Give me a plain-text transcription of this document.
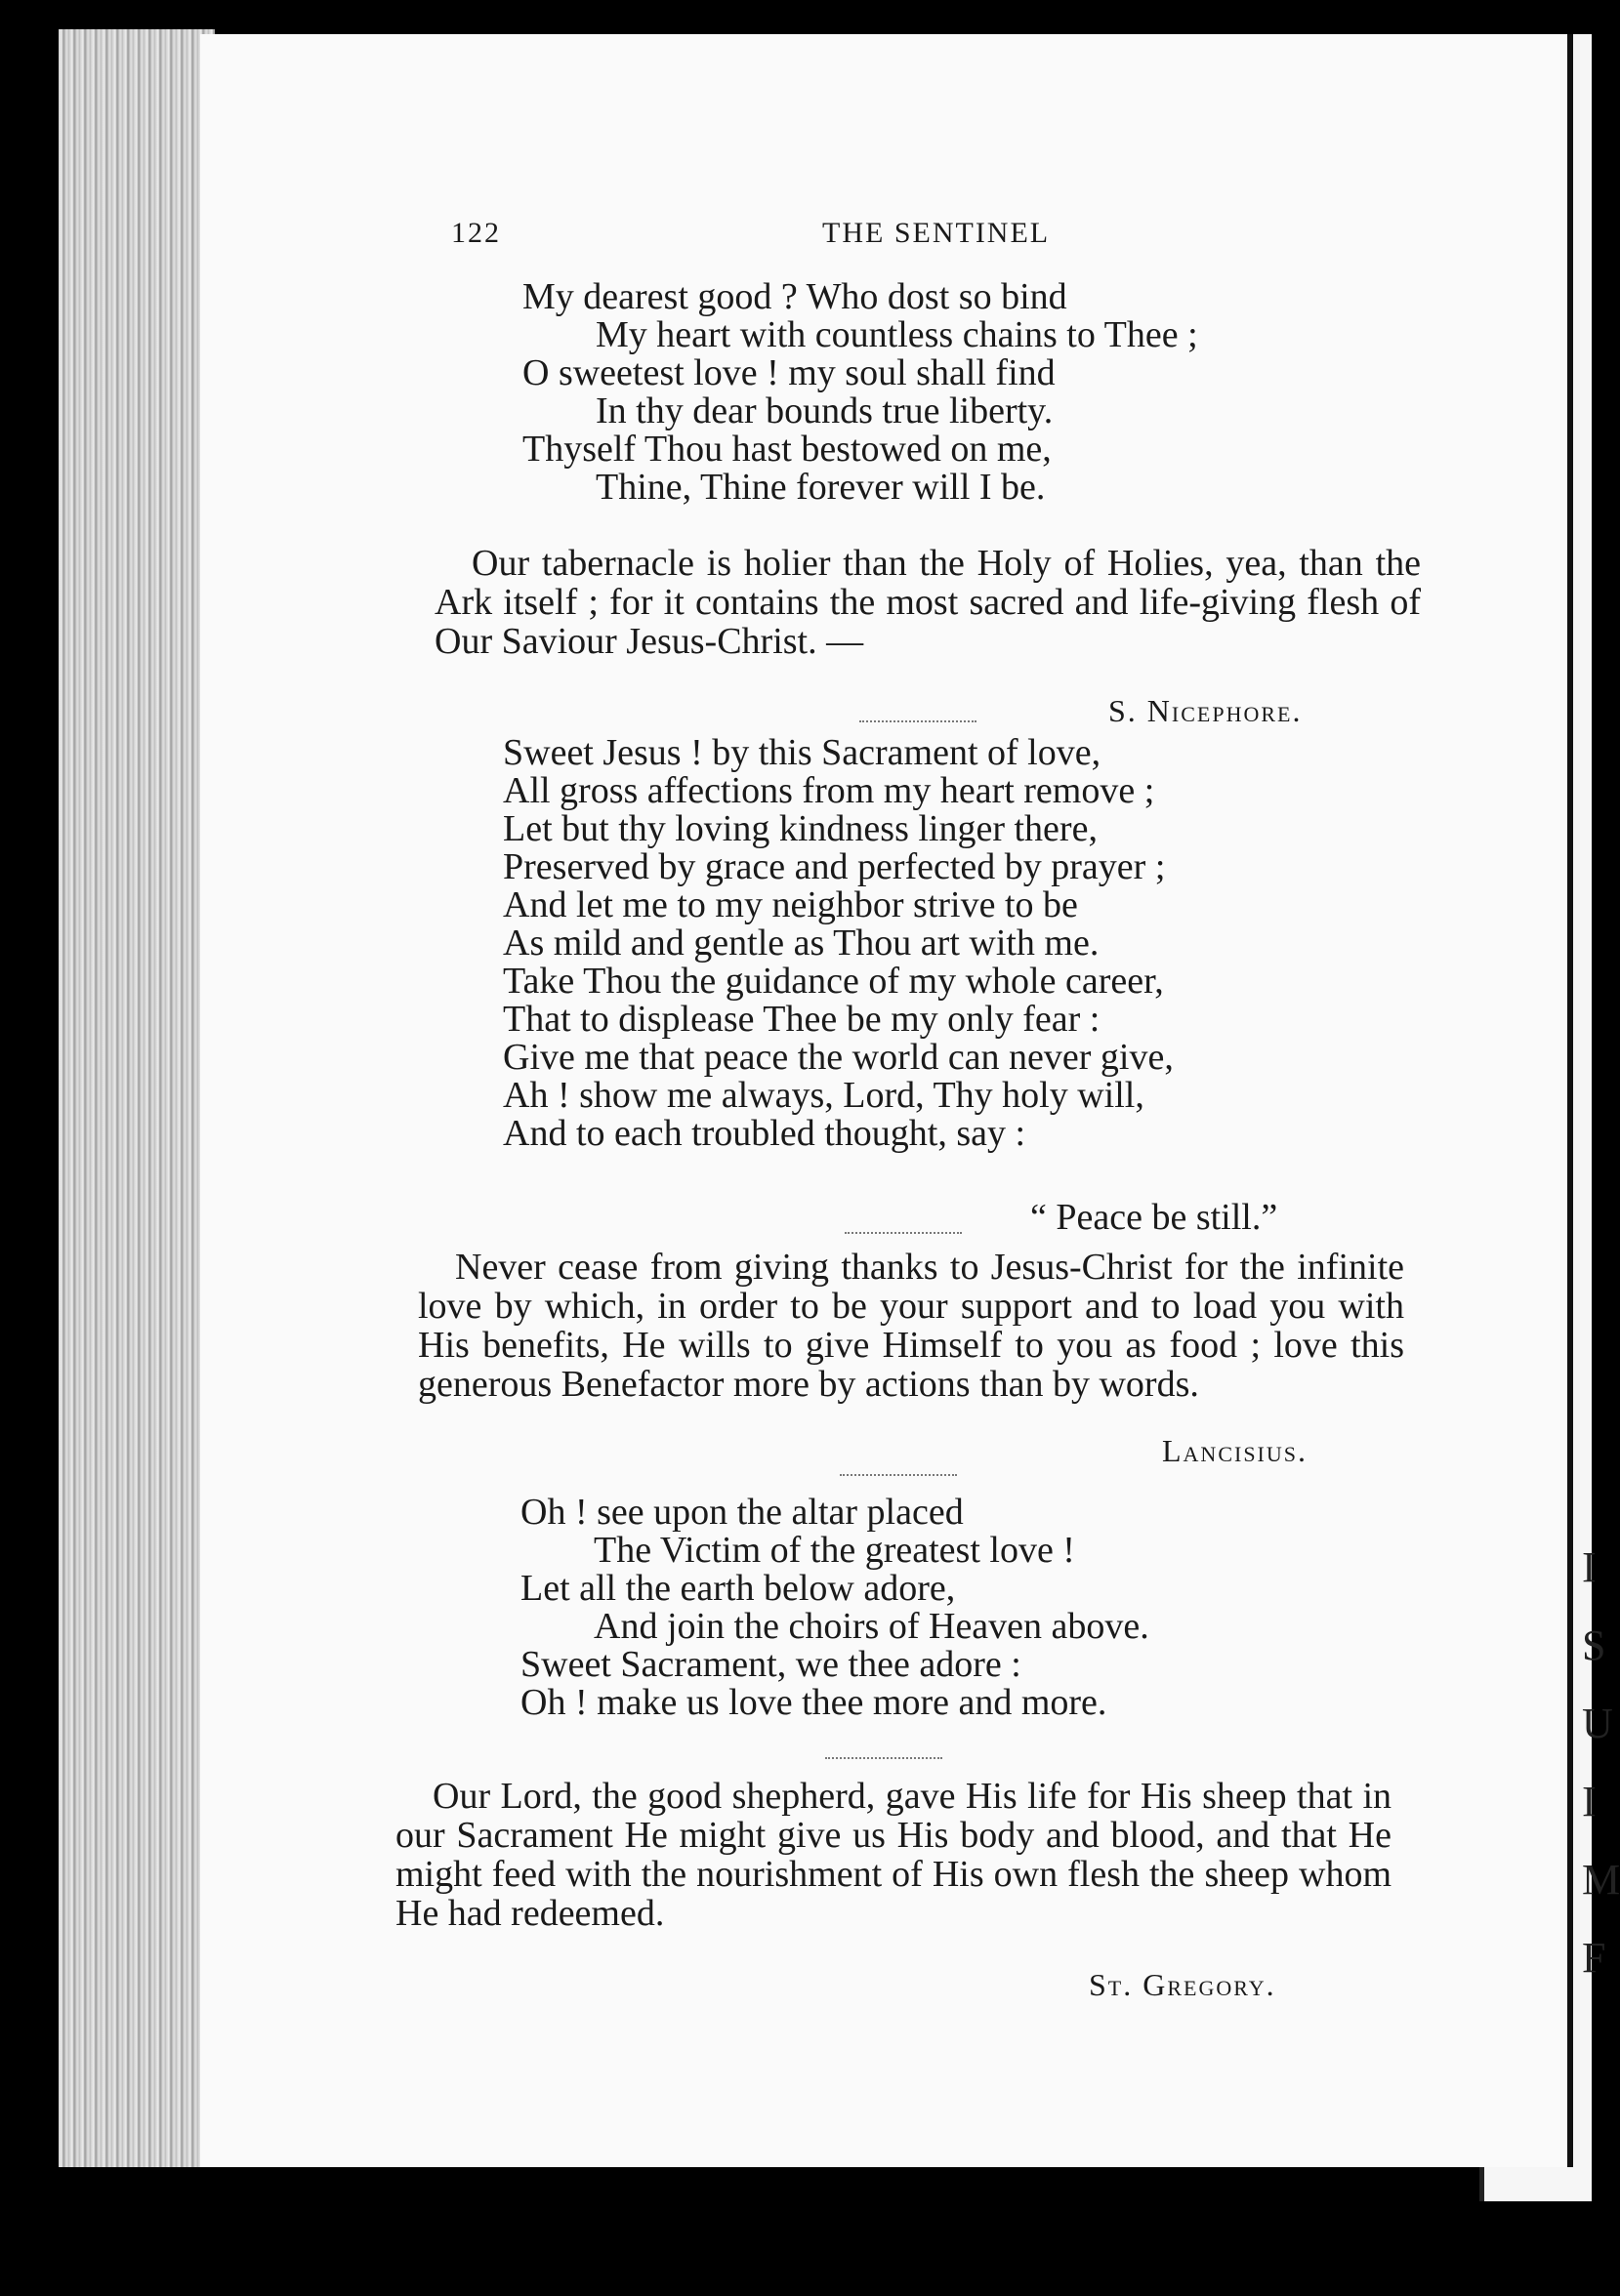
I
S
U
I
M
F
122	THE SENTINEL
My dearest good ? Who dost so bind
My heart with countless chains to Thee ;
O sweetest love ! my soul shall find
In thy dear bounds true liberty.
Thyself Thou hast bestowed on me,
Thine, Thine forever will I be.

Our tabernacle is holier than the Holy of Holies, yea, than the Ark itself ; for it contains the most sacred and life-giving flesh of Our Saviour Jesus-Christ. —

S. Nicephore.
Sweet Jesus ! by this Sacrament of love,
All gross affections from my heart remove ;
Let but thy loving kindness linger there,
Preserved by grace and perfected by prayer ;
And let me to my neighbor strive to be
As mild and gentle as Thou art with me.
Take Thou the guidance of my whole career,
That to displease Thee be my only fear :
Give me that peace the world can never give,
Ah ! show me always, Lord, Thy holy will,
And to each troubled thought, say :
“ Peace be still.”

Never cease from giving thanks to Jesus-Christ for the infinite love by which, in order to be your support and to load you with His benefits, He wills to give Himself to you as food ; love this generous Benefactor more by actions than by words.

Lancisius.
Oh ! see upon the altar placed
The Victim of the greatest love !
Let all the earth below adore,
And join the choirs of Heaven above.
Sweet Sacrament, we thee adore :
Oh ! make us love thee more and more.

Our Lord, the good shepherd, gave His life for His sheep that in our Sacrament He might give us His body and blood, and that He might feed with the nourishment of His own flesh the sheep whom He had redeemed.

St. Gregory.
